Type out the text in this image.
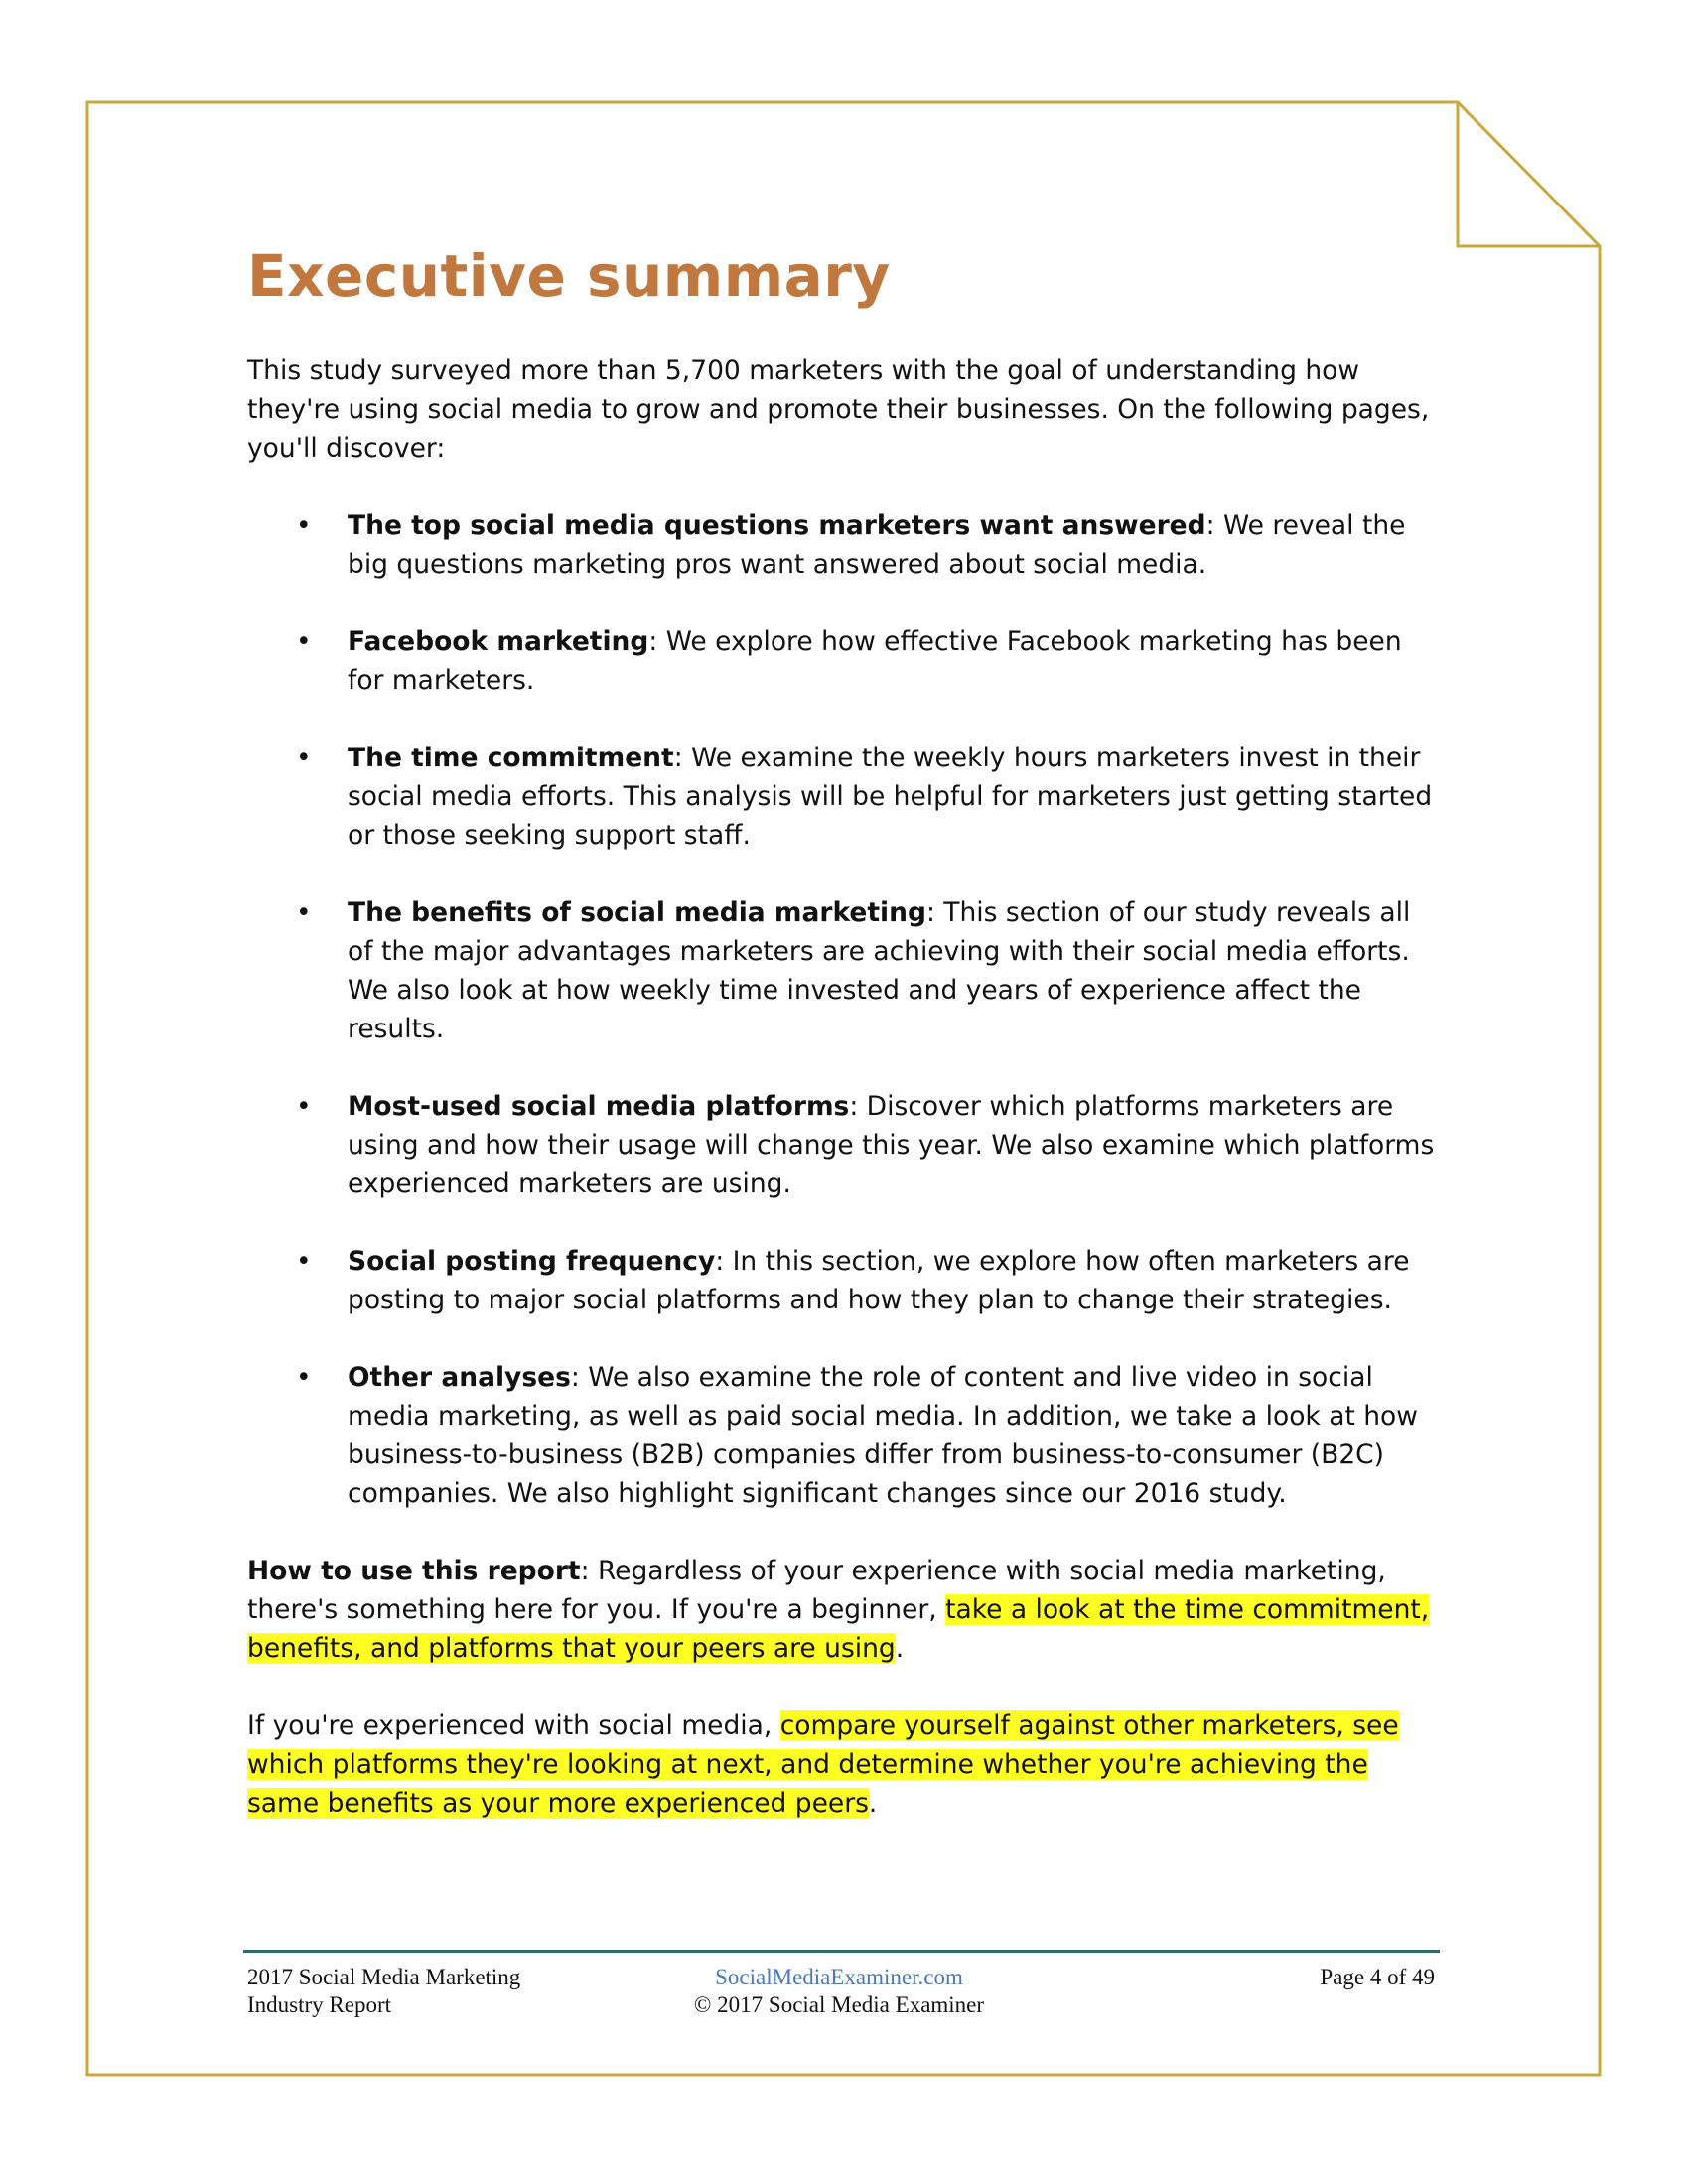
Executive summary

This study surveyed more than 5,700 marketers with the goal of understanding how they're using social media to grow and promote their businesses. On the following pages, you'll discover:

• The top social media questions marketers want answered: We reveal the big questions marketing pros want answered about social media.
• Facebook marketing: We explore how effective Facebook marketing has been for marketers.
• The time commitment: We examine the weekly hours marketers invest in their social media efforts. This analysis will be helpful for marketers just getting started or those seeking support staff.
• The benefits of social media marketing: This section of our study reveals all of the major advantages marketers are achieving with their social media efforts. We also look at how weekly time invested and years of experience affect the results.
• Most-used social media platforms: Discover which platforms marketers are using and how their usage will change this year. We also examine which platforms experienced marketers are using.
• Social posting frequency: In this section, we explore how often marketers are posting to major social platforms and how they plan to change their strategies.
• Other analyses: We also examine the role of content and live video in social media marketing, as well as paid social media. In addition, we take a look at how business-to-business (B2B) companies differ from business-to-consumer (B2C) companies. We also highlight significant changes since our 2016 study.

How to use this report: Regardless of your experience with social media marketing, there's something here for you. If you're a beginner, take a look at the time commitment, benefits, and platforms that your peers are using.

If you're experienced with social media, compare yourself against other marketers, see which platforms they're looking at next, and determine whether you're achieving the same benefits as your more experienced peers.

2017 Social Media Marketing
Industry Report
SocialMediaExaminer.com
© 2017 Social Media Examiner
Page 4 of 49
